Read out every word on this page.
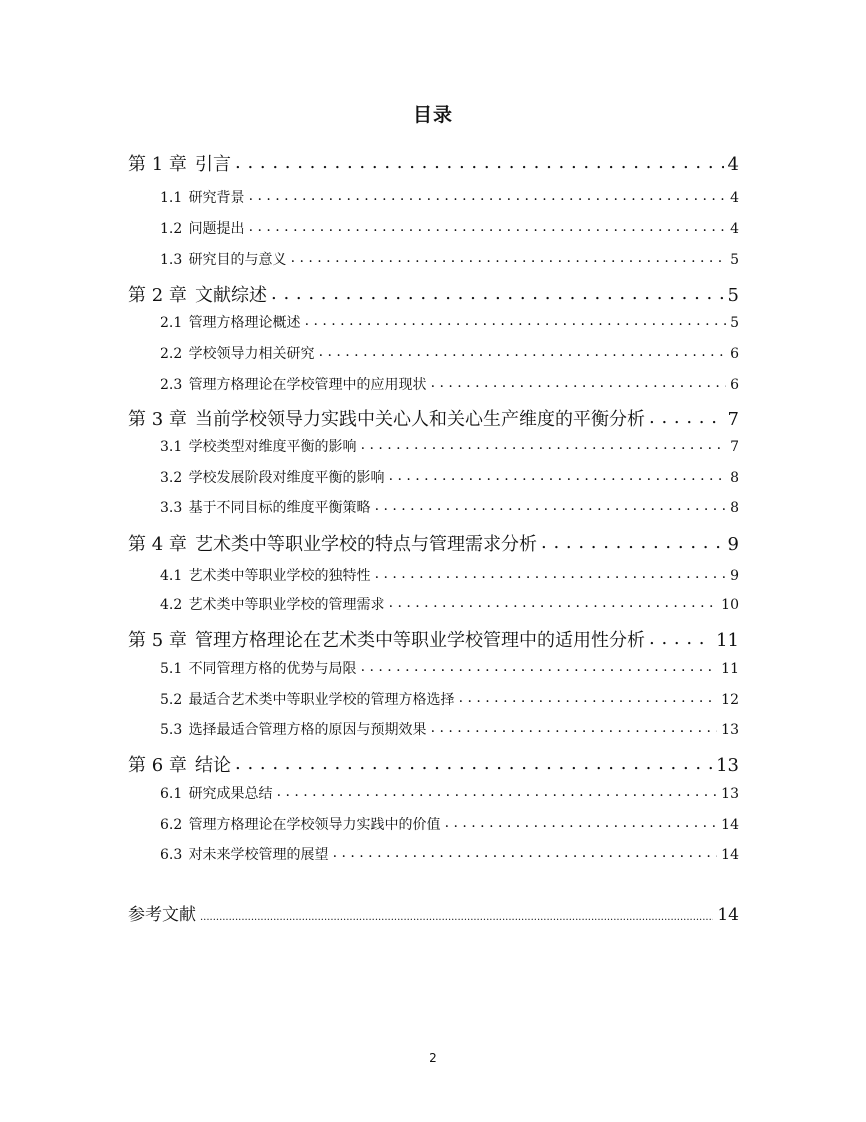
目录
第 1 章 引言 . . .	4
1.1 研究背景 . . .	4
1.2 问题提出 . . .	4
1.3 研究目的与意义 . . .	5
第 2 章 文献综述 . . .	5
2.1 管理方格理论概述 . . .	5
2.2 学校领导力相关研究 . . .	6
2.3 管理方格理论在学校管理中的应用现状 . . .	6
第 3 章 当前学校领导力实践中关心人和关心生产维度的平衡分析 . . .	7
3.1 学校类型对维度平衡的影响 . . .	7
3.2 学校发展阶段对维度平衡的影响 . . .	8
3.3 基于不同目标的维度平衡策略 . . .	8
第 4 章 艺术类中等职业学校的特点与管理需求分析 . . .	9
4.1 艺术类中等职业学校的独特性 . . .	9
4.2 艺术类中等职业学校的管理需求 . . .	10
第 5 章 管理方格理论在艺术类中等职业学校管理中的适用性分析 . . .	11
5.1 不同管理方格的优势与局限 . . .	11
5.2 最适合艺术类中等职业学校的管理方格选择 . . .	12
5.3 选择最适合管理方格的原因与预期效果 . . .	13
第 6 章 结论 . . .	13
6.1 研究成果总结 . . .	13
6.2 管理方格理论在学校领导力实践中的价值 . . .	14
6.3 对未来学校管理的展望 . . .	14
参考文献 .....	14
2
